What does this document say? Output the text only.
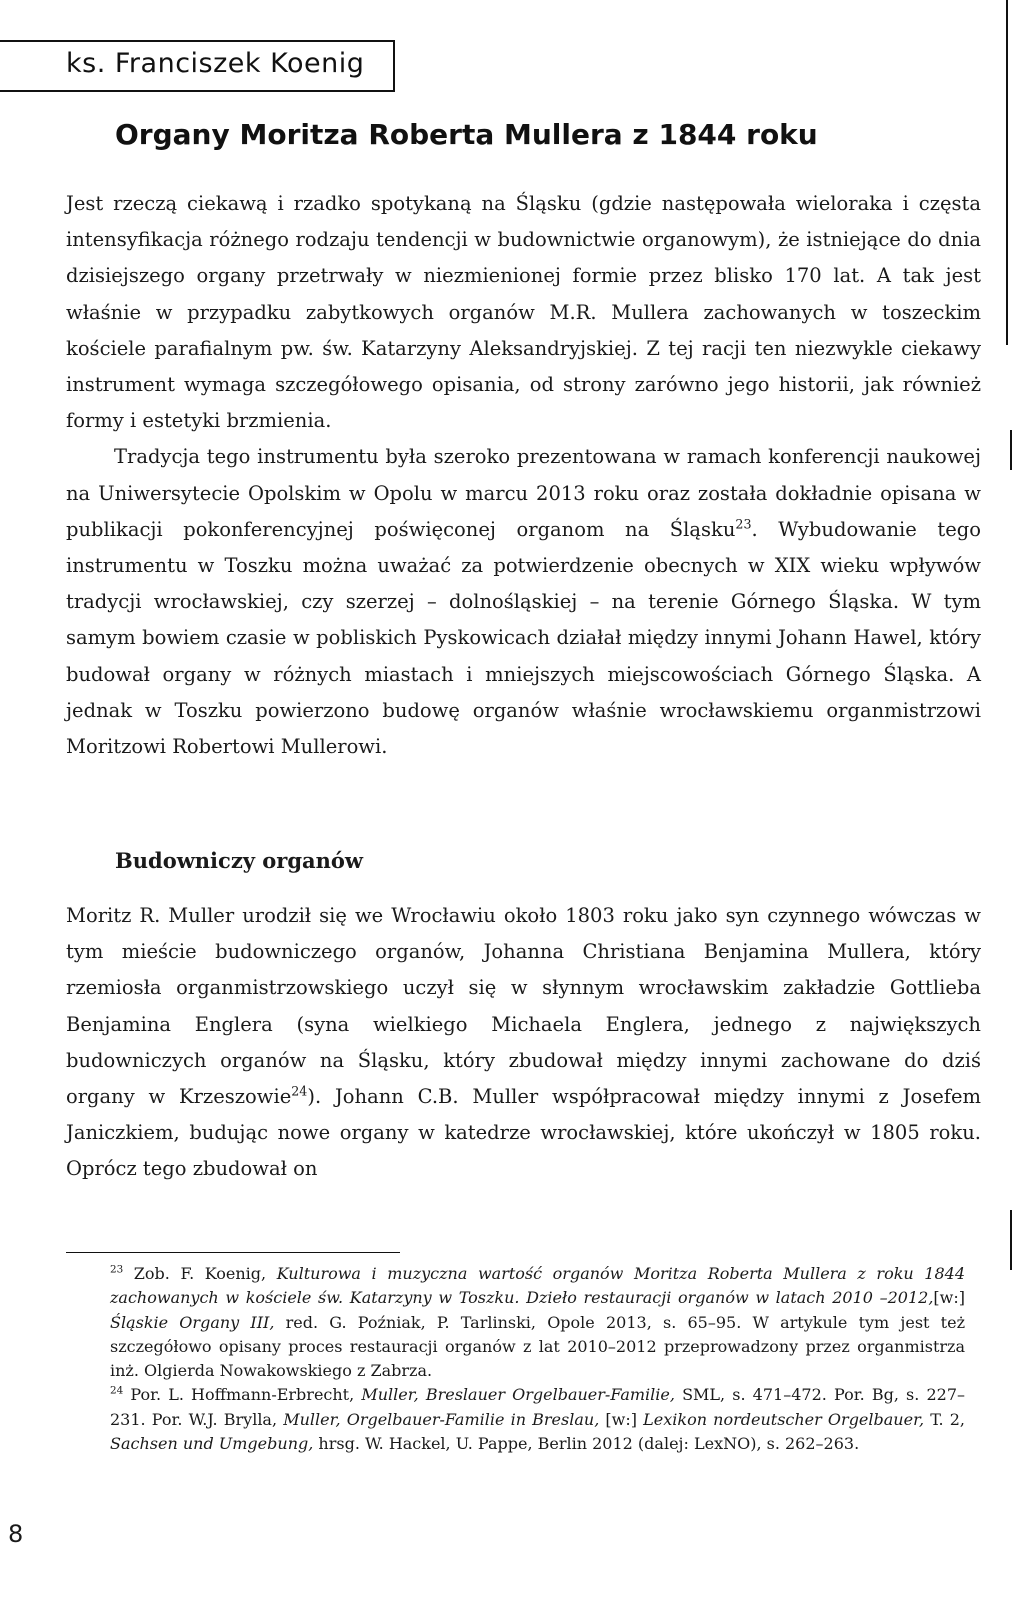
ks. Franciszek Koenig
Organy Moritza Roberta Mullera z 1844 roku

Jest rzeczą ciekawą i rzadko spotykaną na Śląsku (gdzie następowała wieloraka i częsta intensyfikacja różnego rodzaju tendencji w budownictwie organowym), że istniejące do dnia dzisiejszego organy przetrwały w niezmienionej formie przez blisko 170 lat. A tak jest właśnie w przypadku zabytkowych organów M.R. Mullera zachowanych w toszeckim kościele parafialnym pw. św. Katarzyny Aleksandryjskiej. Z tej racji ten niezwykle ciekawy instrument wymaga szczegółowego opisania, od strony zarówno jego historii, jak również formy i estetyki brzmienia.

Tradycja tego instrumentu była szeroko prezentowana w ramach konferencji naukowej na Uniwersytecie Opolskim w Opolu w marcu 2013 roku oraz została dokładnie opisana w publikacji pokonferencyjnej poświęconej organom na Śląsku$^{23}$. Wybudowanie tego instrumentu w Toszku można uważać za potwierdzenie obecnych w XIX wieku wpływów tradycji wrocławskiej, czy szerzej – dolnośląskiej – na terenie Górnego Śląska. W tym samym bowiem czasie w pobliskich Pyskowicach działał między innymi Johann Hawel, który budował organy w różnych miastach i mniejszych miejscowościach Górnego Śląska. A jednak w Toszku powierzono budowę organów właśnie wrocławskiemu organmistrzowi Moritzowi Robertowi Mullerowi.

Budowniczy organów

Moritz R. Muller urodził się we Wrocławiu około 1803 roku jako syn czynnego wówczas w tym mieście budowniczego organów, Johanna Christiana Benjamina Mullera, który rzemiosła organmistrzowskiego uczył się w słynnym wrocławskim zakładzie Gottlieba Benjamina Englera (syna wielkiego Michaela Englera, jednego z największych budowniczych organów na Śląsku, który zbudował między innymi zachowane do dziś organy w Krzeszowie$^{24}$). Johann C.B. Muller współpracował między innymi z Josefem Janiczkiem, budując nowe organy w katedrze wrocławskiej, które ukończył w 1805 roku. Oprócz tego zbudował on

$^{23}$ Zob. F. Koenig, Kulturowa i muzyczna wartość organów Moritza Roberta Mullera z roku 1844 zachowanych w kościele św. Katarzyny w Toszku. Dzieło restauracji organów w latach 2010 –2012,[w:] Śląskie Organy III, red. G. Poźniak, P. Tarlinski, Opole 2013, s. 65–95. W artykule tym jest też szczegółowo opisany proces restauracji organów z lat 2010–2012 przeprowadzony przez organmistrza inż. Olgierda Nowakowskiego z Zabrza.

$^{24}$ Por. L. Hoffmann-Erbrecht, Muller, Breslauer Orgelbauer-Familie, SML, s. 471–472. Por. Bg, s. 227–231. Por. W.J. Brylla, Muller, Orgelbauer-Familie in Breslau, [w:] Lexikon nordeutscher Orgelbauer, T. 2, Sachsen und Umgebung, hrsg. W. Hackel, U. Pappe, Berlin 2012 (dalej: LexNO), s. 262–263.

8
